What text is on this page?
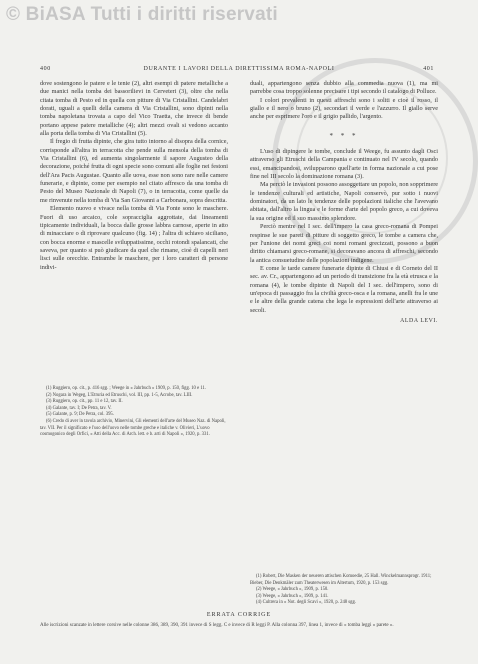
© BiASA Tutti i diritti riservati
400	DURANTE I LAVORI DELLA DIRETTISSIMA ROMA-NAPOLI	401

dove sostengono le patere e le tenie (2), altri esempi di patere metalliche a due manici nella tomba dei bassorilievi in Cerveteri (3), oltre che nella citata tomba di Pesto ed in quella con pitture di Via Cristallini. Candelabri dorati, uguali a quelli della camera di Via Cristallini, sono dipinti nella tomba napoletana trovata a capo del Vico Traetta, che invece di bende portano appese patere metalliche (4); altri mezzi ovali si vedono accanto alla porta della tomba di Via Cristallini (5).

Il fregio di frutta dipinte, che gira tutto intorno al disopra della cornice, corrisponde all'altra in terracotta che pende sulla mensola della tomba di Via Cristallini (6), ed aumenta singolarmente il sapore Augusteo della decorazione, poiché frutta di ogni specie sono comuni alle foglie nei festoni dell'Ara Pacis Augustae. Quanto alle uova, esse non sono rare nelle camere funerarie, e dipinte, come per esempio nel citato affresco da una tomba di Pesto del Museo Nazionale di Napoli (7), o in terracotta, come quelle da me rinvenute nella tomba di Via San Giovanni a Carbonara, sopra descritta.

Elemento nuovo e vivace nella tomba di Via Fonte sono le maschere. Fuori di uso arcaico, cole sopracciglia aggrottate, dai lineamenti tipicamente individuali, la bocca dalle grosse labbra carnose, aperte in atto di minacciare o di riprovare qualcuno (fig. 14) ; l'altra di schiavo siciliano, con bocca enorme e mascelle sviluppatissime, occhi rotondi spalancati, che saveva, per quanto si può giudicare da quel che rimane, cioè di capelli neri lisci sulle orecchie. Entrambe le maschere, per i loro caratteri di persone indivi-

(1) Ruggiero, op. cit., p. 416 sgg. ; Weege in « Jahrbuch » 1909, p. 150, figg. 10 e 11.
(2) Nogara in Wegeg, L'Etruria ed Etruschi, vol. III, pp. 1-5, Acrobe, tav. LIII.
(3) Ruggiero, op. cit., pp. 11 e 12, tav. II.
(4) Galante, tav. I; De Petra, tav. V.
(5) Galante, p. 9; De Petra, col. 395.
(6) Credo di aver in tavola archivio, Minervini, Gli elementi dell'arte del Museo Naz. di Napoli, tav. VII. Per il significato e l'uso dell'uovo nelle tombe greche e italiche v. Olivieri, L'uovo cosmogonico degli Orfici, « Atti della Acc. di Arch. lett. e b. arti di Napoli », 1920, p. 331.

duali, appartengono senza dubbio alla commedia nuova (1), ma mi parrebbe cosa troppo solenne precisare i tipi secondo il catalogo di Polluce.

I colori prevalenti in questi affreschi sono i soliti e cioè il rosso, il giallo e il nero o bruno (2), secondari il verde e l'azzurro. Il giallo serve anche per esprimere l'oro e il grigio pallido, l'argento.

* * *

L'uso di dipingere le tombe, conclude il Weege, fu assunto dagli Osci attraverso gli Etruschi della Campania e continuato nel IV secolo, quando essi, emancipandosi, svilupparono quell'arte in forma nazionale a cui pose fine nel III secolo la dominazione romana (3).

Ma perciò le invasioni possono assoggettare un popolo, non sopprimere le tendenze culturali ed artistiche, Napoli conservò, pur sotto i nuovi dominatori, da un lato le tendenze delle popolazioni italiche che l'avevano abitata, dall'altro la lingua e le forme d'arte del popolo greco, a cui doveva la sua origine ed il suo massimo splendore.

Perciò mentre nel I sec. dell'impero la casa greco-romana di Pompei respinse le sue pareti di pitture di soggetto greco, le tombe a camera che, per l'unione dei nomi greci coi nomi romani grecizzati, possono a buon diritto chiamarsi greco-romane, si decoravano ancora di affreschi, secondo la antica consuetudine delle popolazioni indigene.

E come le tarde camere funerarie dipinte di Chiusi e di Corneto del II sec. av. Cr., appartengono ad un periodo di transizione fra la età etrusca e la romana (4), le tombe dipinte di Napoli del I sec. dell'impero, sono di un'epoca di passaggio fra la civiltà greco-osca e la romana, anelli fra le une e le altre della grande catena che lega le espressioni dell'arte attraverso ai secoli.

ALDA LEVI.
(1) Robert, Die Masken der neueren attischen Komoedie, 25 Hall. Winckelmannsprogr. 1911; Bieber, Die Denkmäler zum Theaterwesen im Altertum, 1920, p. 153 sgg.
(2) Weege, « Jahrbuch », 1909, p. 150.
(3) Weege, « Jahrbuch », 1909, p. 141.
(4) Cultrera in « Not. degli Scavi », 1920, p. 248 sgg.
ERRATA CORRIGE
Alle iscrizioni scanzate in lettere corsive nelle colonne 386, 389, 390, 391 invece di S legg. C e invece di R leggi P. Alla colonna 397, linea 1, invece di « tomba leggi » parete ».
